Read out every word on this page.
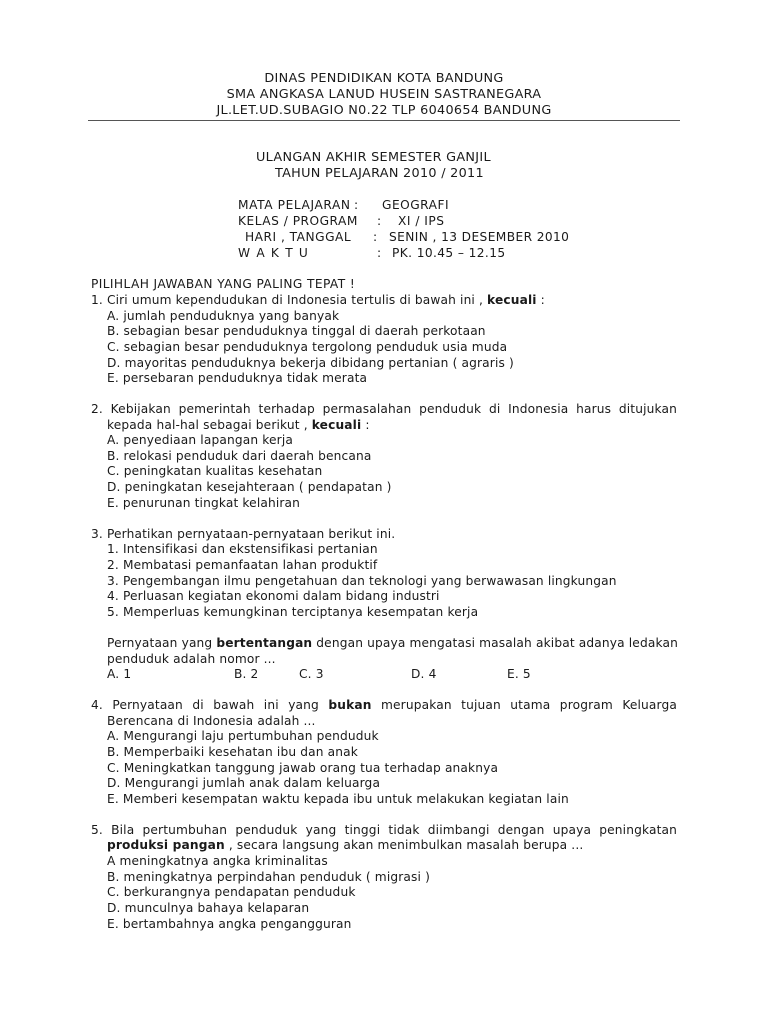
DINAS PENDIDIKAN KOTA BANDUNG
SMA ANGKASA LANUD HUSEIN SASTRANEGARA
JL.LET.UD.SUBAGIO N0.22 TLP 6040654 BANDUNG
ULANGAN AKHIR SEMESTER GANJIL
TAHUN PELAJARAN 2010 / 2011
MATA PELAJARAN : GEOGRAFI
KELAS / PROGRAM : XI / IPS
HARI , TANGGAL : SENIN , 13 DESEMBER 2010
W A K T U	: PK. 10.45 – 12.15
PILIHLAH JAWABAN YANG PALING TEPAT !
1. Ciri umum kependudukan di Indonesia tertulis di bawah ini , kecuali :
A. jumlah penduduknya yang banyak
B. sebagian besar penduduknya tinggal di daerah perkotaan
C. sebagian besar penduduknya tergolong penduduk usia muda
D. mayoritas penduduknya bekerja dibidang pertanian ( agraris )
E. persebaran penduduknya tidak merata
2. Kebijakan pemerintah terhadap permasalahan penduduk di Indonesia harus ditujukan
kepada hal-hal sebagai berikut , kecuali :
A. penyediaan lapangan kerja
B. relokasi penduduk dari daerah bencana
C. peningkatan kualitas kesehatan
D. peningkatan kesejahteraan ( pendapatan )
E. penurunan tingkat kelahiran
3. Perhatikan pernyataan-pernyataan berikut ini.
1. Intensifikasi dan ekstensifikasi pertanian
2. Membatasi pemanfaatan lahan produktif
3. Pengembangan ilmu pengetahuan dan teknologi yang berwawasan lingkungan
4. Perluasan kegiatan ekonomi dalam bidang industri
5. Memperluas kemungkinan terciptanya kesempatan kerja
Pernyataan yang bertentangan dengan upaya mengatasi masalah akibat adanya ledakan
penduduk adalah nomor ...
A. 1	B. 2	C. 3	D. 4	E. 5
4. Pernyataan di bawah ini yang bukan merupakan tujuan utama program Keluarga
Berencana di Indonesia adalah ...
A. Mengurangi laju pertumbuhan penduduk
B. Memperbaiki kesehatan ibu dan anak
C. Meningkatkan tanggung jawab orang tua terhadap anaknya
D. Mengurangi jumlah anak dalam keluarga
E. Memberi kesempatan waktu kepada ibu untuk melakukan kegiatan lain
5. Bila pertumbuhan penduduk yang tinggi tidak diimbangi dengan upaya peningkatan
produksi pangan , secara langsung akan menimbulkan masalah berupa ...
A meningkatnya angka kriminalitas
B. meningkatnya perpindahan penduduk ( migrasi )
C. berkurangnya pendapatan penduduk
D. munculnya bahaya kelaparan
E. bertambahnya angka pengangguran
